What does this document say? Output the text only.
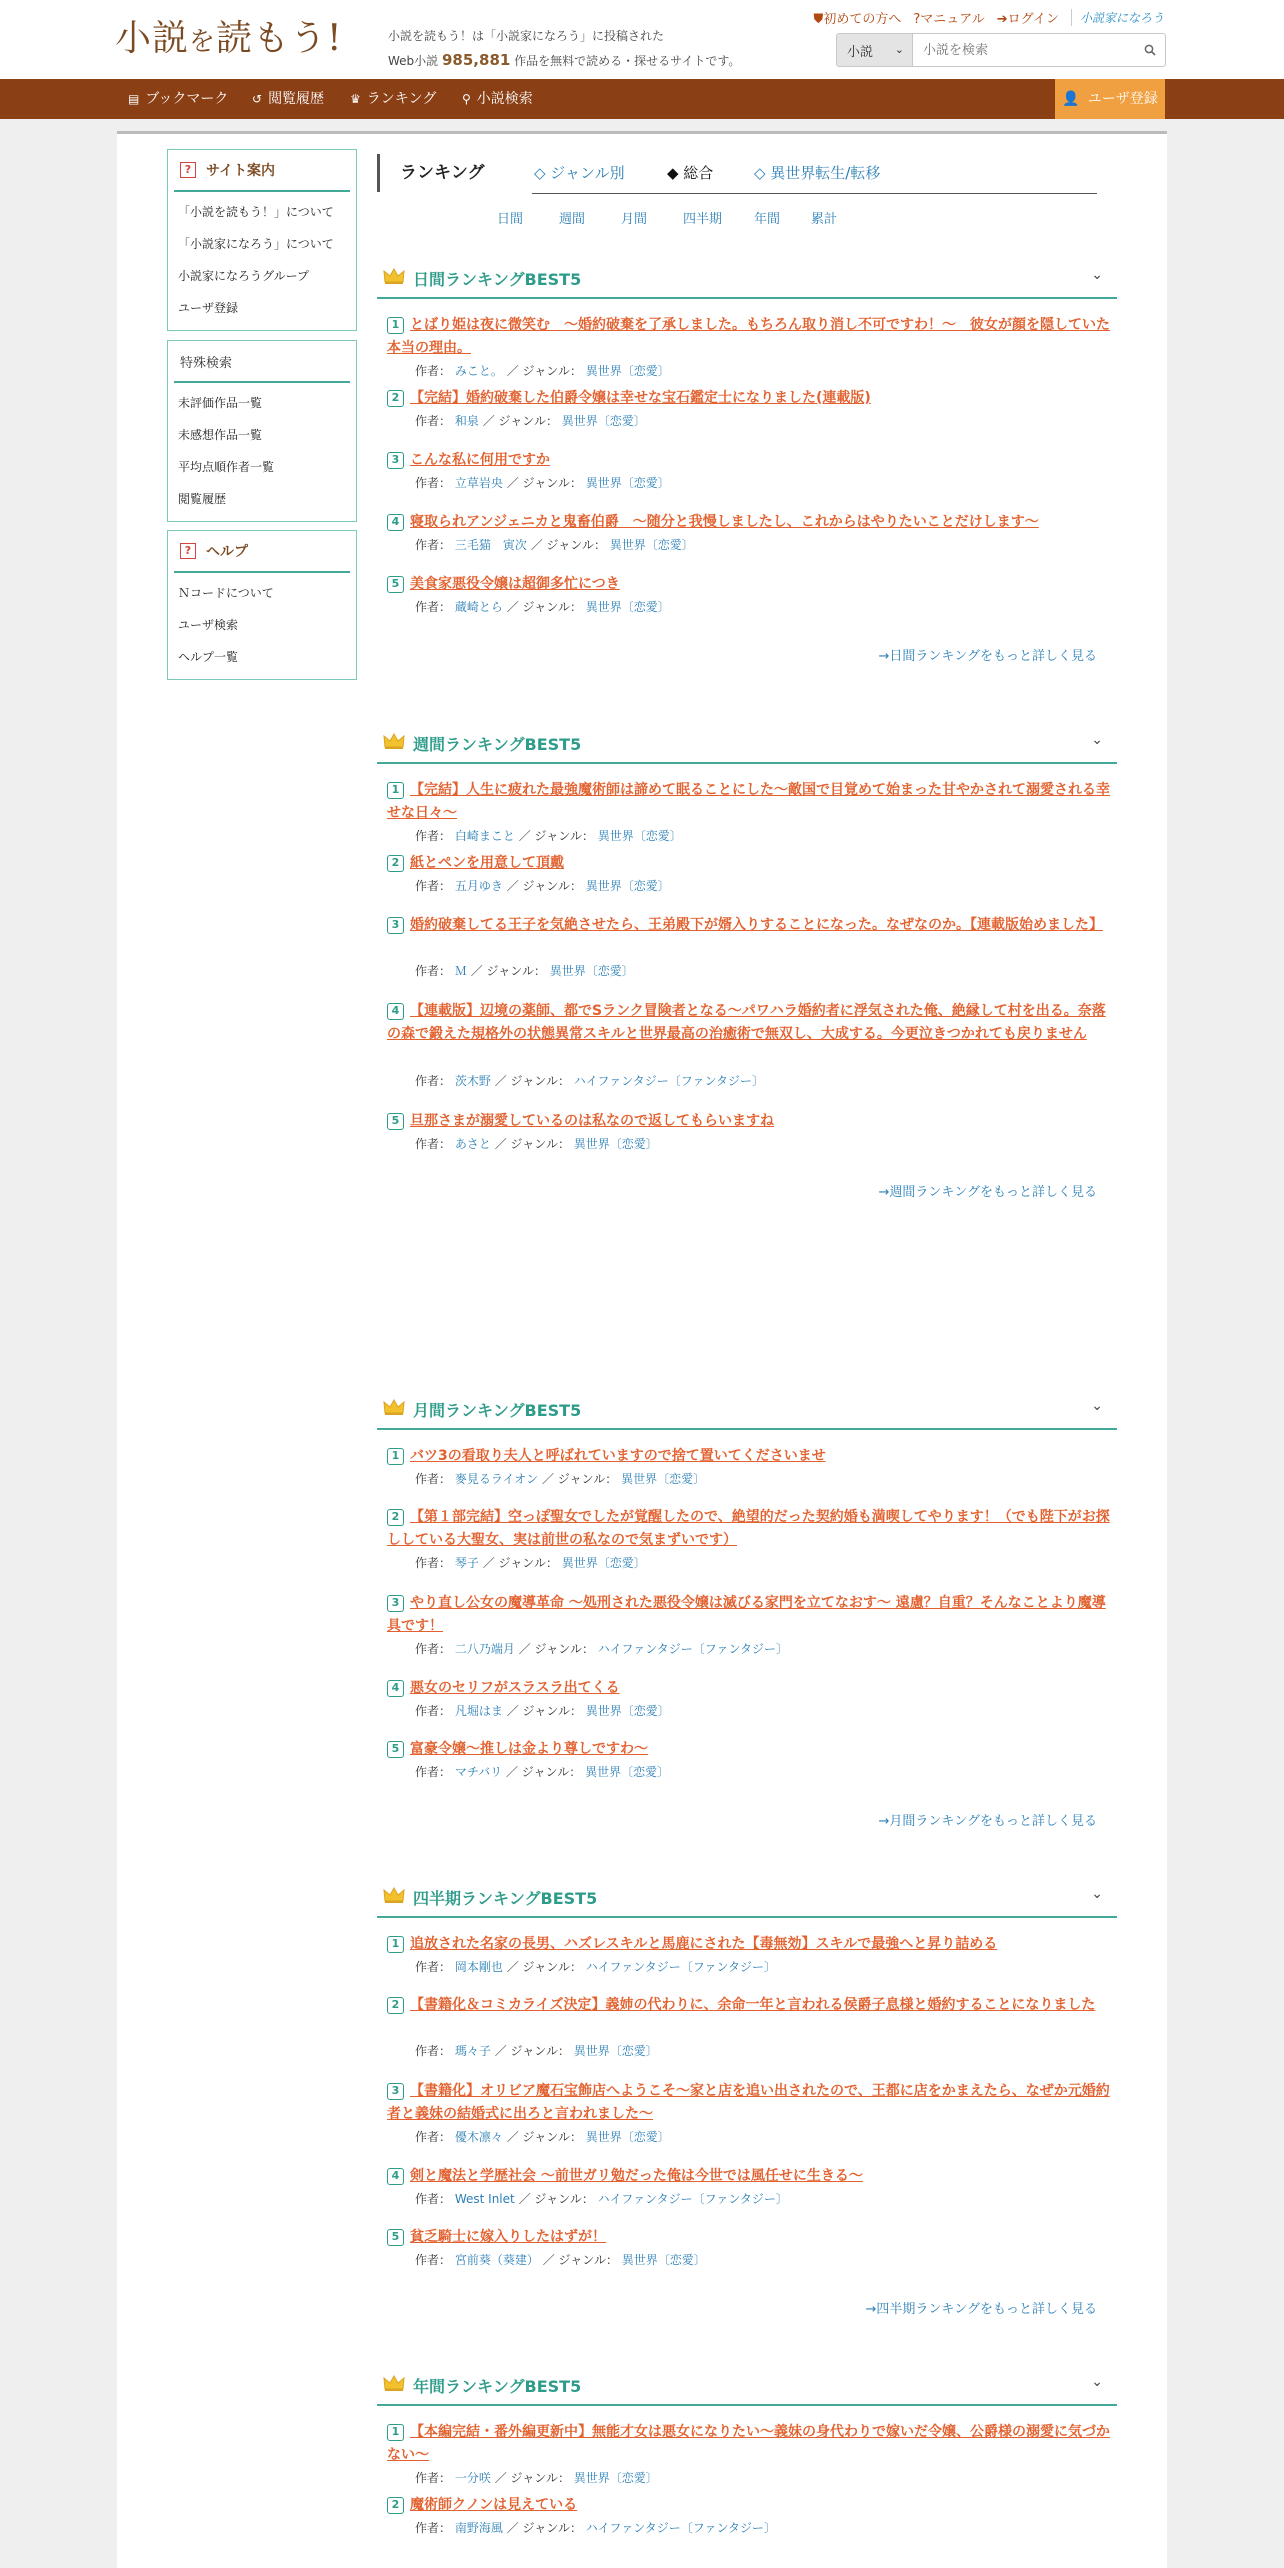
小説を読もう!	小説を読もう！は「小説家になろう」に投稿された
Web小説 985,881 作品を無料で読める・探せるサイトです。
⛊初めての方へ ?マニュアル ➔ログイン	小説家になろう
小説 ⌄
小説を検索
▤ ブックマーク ↺ 閲覧履歴 ♛ ランキング ⚲ 小説検索	👤 ユーザ登録
?	サイト案内
「小説を読もう！」について
「小説家になろう」について
小説家になろうグループ
ユーザ登録
特殊検索
未評価作品一覧
未感想作品一覧
平均点順作者一覧
閲覧履歴
?	ヘルプ
Ｎコードについて
ユーザ検索
ヘルプ一覧
ランキング	◇ ジャンル別	◆ 総合	◇ 異世界転生/転移
日間	週間	月間	四半期 年間 累計
日間ランキングBEST5	⌄
1 とばり姫は夜に微笑む　～婚約破棄を了承しました。もちろん取り消し不可ですわ！～　彼女が顔を隠していた本当の理由。
作者： みこと。 ／ ジャンル： 異世界〔恋愛〕
2 【完結】婚約破棄した伯爵令嬢は幸せな宝石鑑定士になりました(連載版)
作者： 和泉 ／ ジャンル： 異世界〔恋愛〕
3 こんな私に何用ですか
作者： 立草岩央 ／ ジャンル： 異世界〔恋愛〕
4 寝取られアンジェニカと鬼畜伯爵　～随分と我慢しましたし、これからはやりたいことだけします～
作者： 三毛猫　寅次 ／ ジャンル： 異世界〔恋愛〕
5 美食家悪役令嬢は超御多忙につき
作者： 蔵崎とら ／ ジャンル： 異世界〔恋愛〕
→日間ランキングをもっと詳しく見る
週間ランキングBEST5	⌄
1 【完結】人生に疲れた最強魔術師は諦めて眠ることにした～敵国で目覚めて始まった甘やかされて溺愛される幸せな日々～
作者： 白崎まこと ／ ジャンル： 異世界〔恋愛〕
2 紙とペンを用意して頂戴
作者： 五月ゆき ／ ジャンル： 異世界〔恋愛〕
3 婚約破棄してる王子を気絶させたら、王弟殿下が婿入りすることになった。なぜなのか。【連載版始めました】
作者： Ｍ ／ ジャンル： 異世界〔恋愛〕
4 【連載版】辺境の薬師、都でSランク冒険者となる～パワハラ婚約者に浮気された俺、絶縁して村を出る。奈落の森で鍛えた規格外の状態異常スキルと世界最高の治癒術で無双し、大成する。今更泣きつかれても戻りません
作者： 茨木野 ／ ジャンル： ハイファンタジー〔ファンタジー〕
5 旦那さまが溺愛しているのは私なので返してもらいますね
作者： あさと ／ ジャンル： 異世界〔恋愛〕
→週間ランキングをもっと詳しく見る
月間ランキングBEST5	⌄
1 バツ3の看取り夫人と呼ばれていますので捨て置いてくださいませ
作者： 麥見るライオン ／ ジャンル： 異世界〔恋愛〕
2 【第１部完結】空っぽ聖女でしたが覚醒したので、絶望的だった契約婚も満喫してやります！（でも陛下がお探ししている大聖女、実は前世の私なので気まずいです）
作者： 琴子 ／ ジャンル： 異世界〔恋愛〕
3 やり直し公女の魔導革命 〜処刑された悪役令嬢は滅びる家門を立てなおす〜 遠慮？自重？そんなことより魔導具です！
作者： 二八乃端月 ／ ジャンル： ハイファンタジー〔ファンタジー〕
4 悪女のセリフがスラスラ出てくる
作者： 凡堀はま ／ ジャンル： 異世界〔恋愛〕
5 富豪令嬢～推しは金より尊しですわ～
作者： マチバリ ／ ジャンル： 異世界〔恋愛〕
→月間ランキングをもっと詳しく見る
四半期ランキングBEST5	⌄
1 追放された名家の長男、ハズレスキルと馬鹿にされた【毒無効】スキルで最強へと昇り詰める
作者： 岡本剛也 ／ ジャンル： ハイファンタジー〔ファンタジー〕
2 【書籍化＆コミカライズ決定】義姉の代わりに、余命一年と言われる侯爵子息様と婚約することになりました
作者： 瑪々子 ／ ジャンル： 異世界〔恋愛〕
3 【書籍化】オリビア魔石宝飾店へようこそ～家と店を追い出されたので、王都に店をかまえたら、なぜか元婚約者と義妹の結婚式に出ろと言われました～
作者： 優木凛々 ／ ジャンル： 異世界〔恋愛〕
4 剣と魔法と学歴社会 〜前世ガリ勉だった俺は今世では風任せに生きる〜
作者： West Inlet ／ ジャンル： ハイファンタジー〔ファンタジー〕
5 貧乏騎士に嫁入りしたはずが！
作者： 宮前葵（葵建） ／ ジャンル： 異世界〔恋愛〕
→四半期ランキングをもっと詳しく見る
年間ランキングBEST5	⌄
1 【本編完結・番外編更新中】無能才女は悪女になりたい～義妹の身代わりで嫁いだ令嬢、公爵様の溺愛に気づかない～
作者： 一分咲 ／ ジャンル： 異世界〔恋愛〕
2 魔術師クノンは見えている
作者： 南野海風 ／ ジャンル： ハイファンタジー〔ファンタジー〕
